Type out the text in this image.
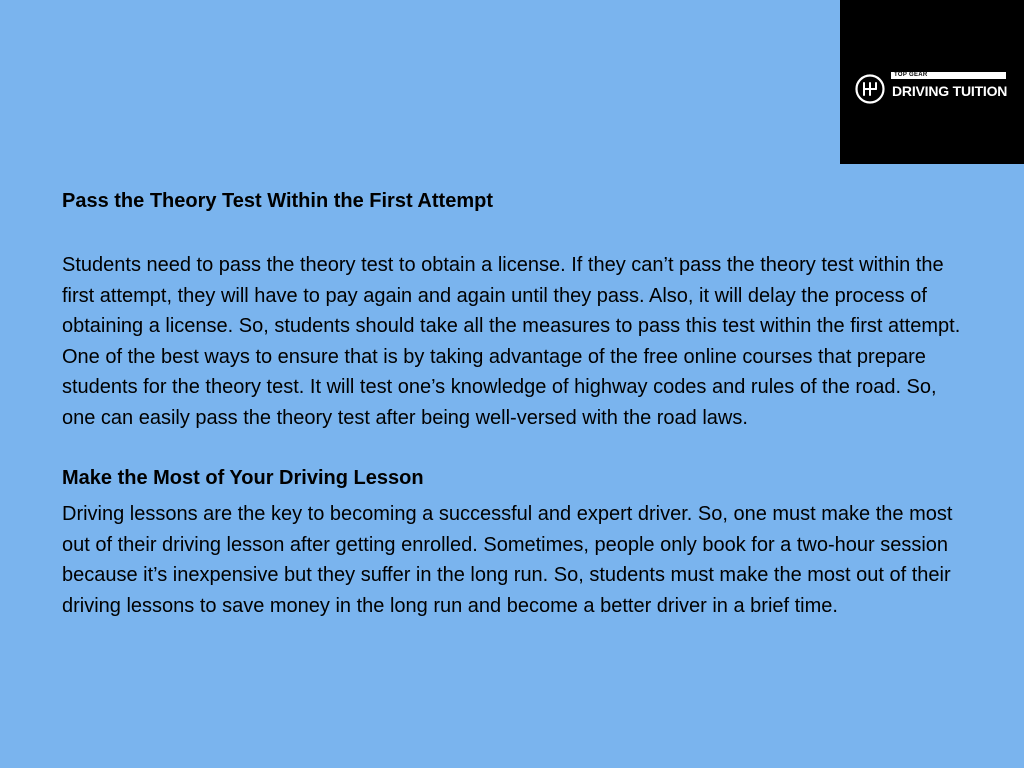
TOP GEAR
DRIVING TUITION

Pass the Theory Test Within the First Attempt

Students need to pass the theory test to obtain a license. If they can’t pass the theory test within the first attempt, they will have to pay again and again until they pass. Also, it will delay the process of obtaining a license. So, students should take all the measures to pass this test within the first attempt. One of the best ways to ensure that is by taking advantage of the free online courses that prepare students for the theory test. It will test one’s knowledge of highway codes and rules of the road. So, one can easily pass the theory test after being well-versed with the road laws.

Make the Most of Your Driving Lesson

Driving lessons are the key to becoming a successful and expert driver. So, one must make the most out of their driving lesson after getting enrolled. Sometimes, people only book for a two-hour session because it’s inexpensive but they suffer in the long run. So, students must make the most out of their driving lessons to save money in the long run and become a better driver in a brief time.
